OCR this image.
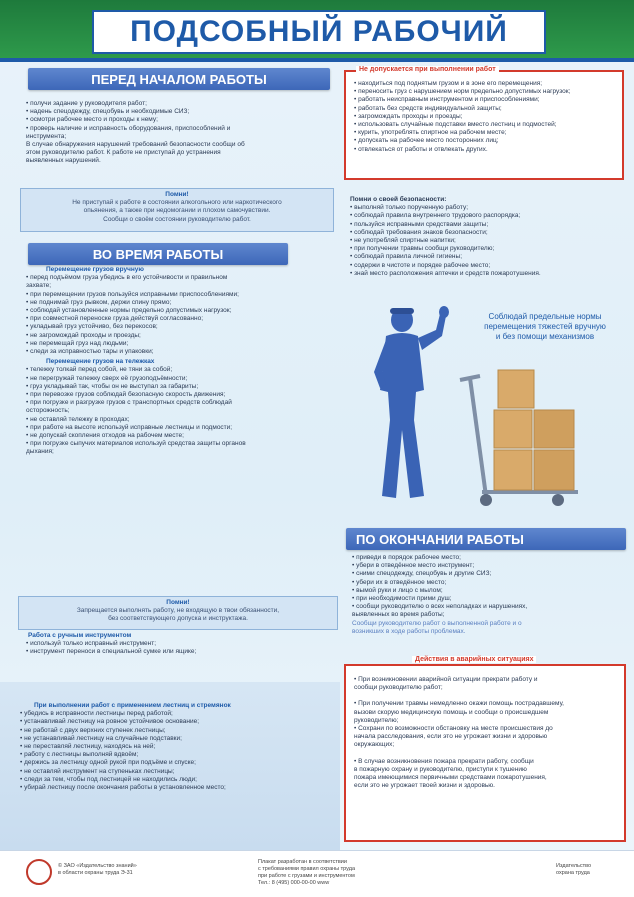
ПОДСОБНЫЙ РАБОЧИЙ
ПЕРЕД НАЧАЛОМ РАБОТЫ
• получи задание у руководителя работ;
• надень спецодежду, спецобувь и необходимые СИЗ;
• осмотри рабочее место и проходы к нему;
• проверь наличие и исправность оборудования, приспособлений и
инструмента;
В случае обнаружения нарушений требований безопасности сообщи об
этом руководителю работ. К работе не приступай до устранения
выявленных нарушений.
Помни!
Не приступай к работе в состоянии алкогольного или наркотического
опьянения, а также при недомогании и плохом самочувствии.
Сообщи о своём состоянии руководителю работ.
ВО ВРЕМЯ РАБОТЫ
Перемещение грузов вручную
• перед подъёмом груза убедись в его устойчивости и правильном
захвате;
• при перемещении грузов пользуйся исправными приспособлениями;
• не поднимай груз рывком, держи спину прямо;
• соблюдай установленные нормы предельно допустимых нагрузок;
• при совместной переноске груза действуй согласованно;
• укладывай груз устойчиво, без перекосов;
• не загромождай проходы и проезды;
• не перемещай груз над людьми;
• следи за исправностью тары и упаковки;
Перемещение грузов на тележках
• тележку толкай перед собой, не тяни за собой;
• не перегружай тележку сверх её грузоподъёмности;
• груз укладывай так, чтобы он не выступал за габариты;
• при перевозке грузов соблюдай безопасную скорость движения;
• при погрузке и разгрузке грузов с транспортных средств соблюдай
осторожность;
• не оставляй тележку в проходах;
• при работе на высоте используй исправные лестницы и подмости;
• не допускай скопления отходов на рабочем месте;
• при погрузке сыпучих материалов используй средства защиты органов
дыхания;
Помни!
Запрещается выполнять работу, не входящую в твои обязанности,
без соответствующего допуска и инструктажа.
Работа с ручным инструментом
• используй только исправный инструмент;
• инструмент переноси в специальной сумке или ящике;
При выполнении работ с применением лестниц и стремянок
• убедись в исправности лестницы перед работой;
• устанавливай лестницу на ровное устойчивое основание;
• не работай с двух верхних ступенек лестницы;
• не устанавливай лестницу на случайные подставки;
• не переставляй лестницу, находясь на ней;
• работу с лестницы выполняй вдвоём;
• держись за лестницу одной рукой при подъёме и спуске;
• не оставляй инструмент на ступеньках лестницы;
• следи за тем, чтобы под лестницей не находились люди;
• убирай лестницу после окончания работы в установленное место;
• находиться под поднятым грузом и в зоне его перемещения;
• переносить груз с нарушением норм предельно допустимых нагрузок;
• работать неисправным инструментом и приспособлениями;
• работать без средств индивидуальной защиты;
• загромождать проходы и проезды;
• использовать случайные подставки вместо лестниц и подмостей;
• курить, употреблять спиртное на рабочем месте;
• допускать на рабочее место посторонних лиц;
• отвлекаться от работы и отвлекать других.
Не допускается при выполнении работ
Помни о своей безопасности:
• выполняй только порученную работу;
• соблюдай правила внутреннего трудового распорядка;
• пользуйся исправными средствами защиты;
• соблюдай требования знаков безопасности;
• не употребляй спиртные напитки;
• при получении травмы сообщи руководителю;
• соблюдай правила личной гигиены;
• содержи в чистоте и порядке рабочее место;
• знай место расположения аптечки и средств пожаротушения.
Соблюдай предельные нормы
перемещения тяжестей вручную
и без помощи механизмов
ПО ОКОНЧАНИИ РАБОТЫ
• приведи в порядок рабочее место;
• убери в отведённое место инструмент;
• сними спецодежду, спецобувь и другие СИЗ;
• убери их в отведённое место;
• вымой руки и лицо с мылом;
• при необходимости прими душ;
• сообщи руководителю о всех неполадках и нарушениях,
выявленных во время работы;
Сообщи руководителю работ о выполненной работе и о
возникших в ходе работы проблемах.
• При возникновении аварийной ситуации прекрати работу и
сообщи руководителю работ;
• При получении травмы немедленно окажи помощь пострадавшему,
вызови скорую медицинскую помощь и сообщи о происшедшем
руководителю;
• Сохрани по возможности обстановку на месте происшествия до
начала расследования, если это не угрожает жизни и здоровью
окружающих;
• В случае возникновения пожара прекрати работу, сообщи
в пожарную охрану и руководителю, приступи к тушению
пожара имеющимися первичными средствами пожаротушения,
если это не угрожает твоей жизни и здоровью.
Действия в аварийных ситуациях
© ЗАО «Издательство знаний»
в области охраны труда Э-31
Плакат разработан в соответствии
с требованиями правил охраны труда
при работе с грузами и инструментом
Тел.: 8 (495) 000-00-00 www
Издательство
охрана труда
